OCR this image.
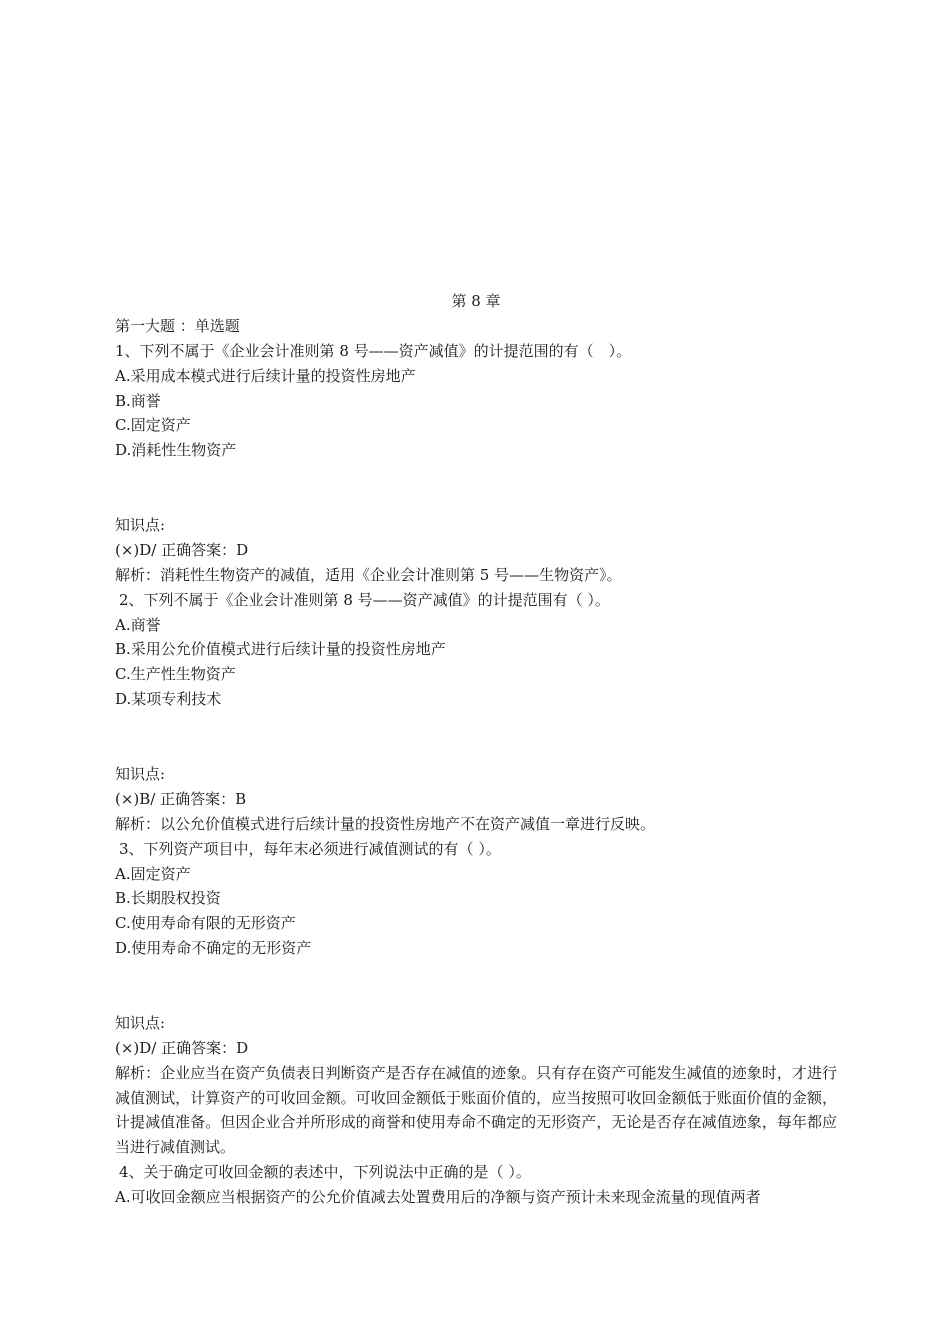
第 8 章

第一大题 ：单选题

1、下列不属于《企业会计准则第 8 号——资产减值》的计提范围的有（　）。

A.采用成本模式进行后续计量的投资性房地产

B.商誉

C.固定资产

D.消耗性生物资产

知识点:

(×)D/ 正确答案：D

解析：消耗性生物资产的减值，适用《企业会计准则第 5 号——生物资产》。

2、下列不属于《企业会计准则第 8 号——资产减值》的计提范围有（ ）。

A.商誉

B.采用公允价值模式进行后续计量的投资性房地产

C.生产性生物资产

D.某项专利技术

知识点:

(×)B/ 正确答案：B

解析：以公允价值模式进行后续计量的投资性房地产不在资产减值一章进行反映。

3、下列资产项目中，每年末必须进行减值测试的有（ ）。

A.固定资产

B.长期股权投资

C.使用寿命有限的无形资产

D.使用寿命不确定的无形资产

知识点:

(×)D/ 正确答案：D

解析：企业应当在资产负债表日判断资产是否存在减值的迹象。只有存在资产可能发生减值的迹象时，才进行减值测试，计算资产的可收回金额。可收回金额低于账面价值的，应当按照可收回金额低于账面价值的金额，计提减值准备。但因企业合并所形成的商誉和使用寿命不确定的无形资产，无论是否存在减值迹象，每年都应当进行减值测试。

4、关于确定可收回金额的表述中，下列说法中正确的是（ ）。

A.可收回金额应当根据资产的公允价值减去处置费用后的净额与资产预计未来现金流量的现值两者
